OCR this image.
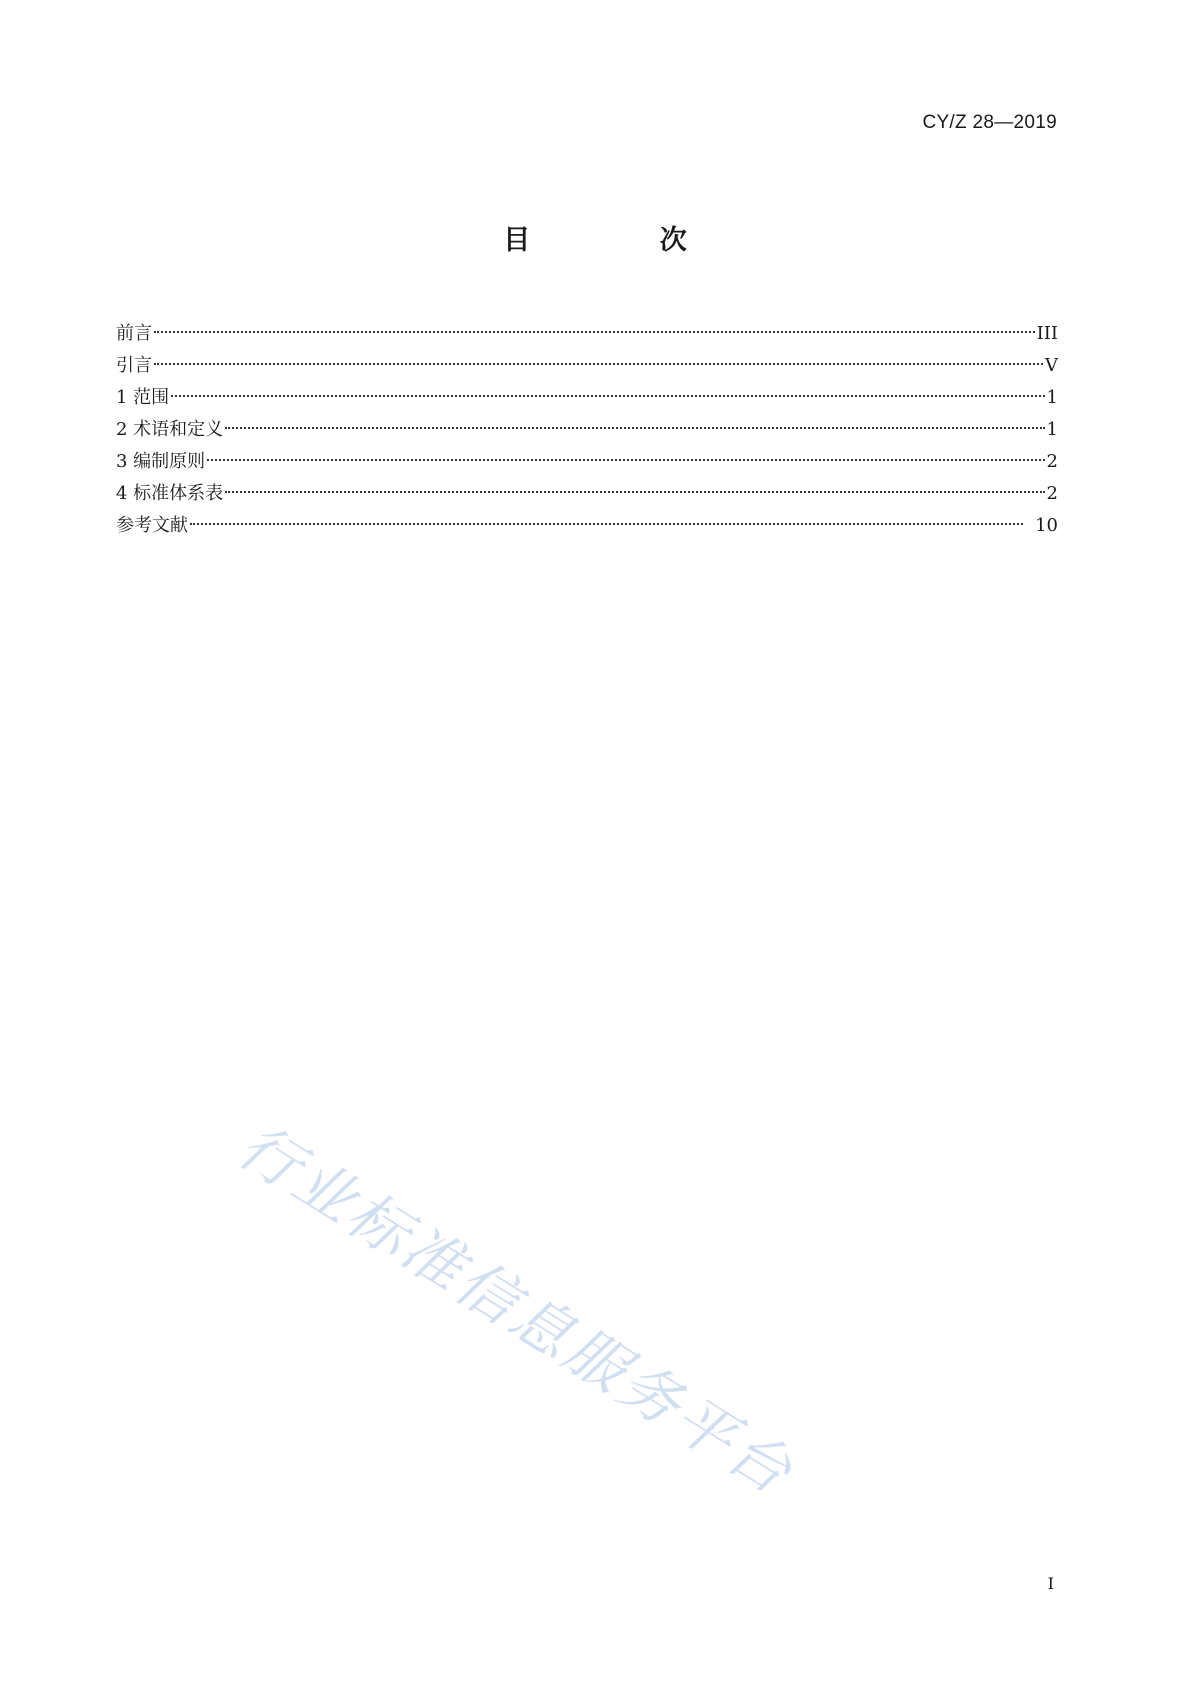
CY/Z 28—2019
目 次
前言	III
引言	V
1 范围	1
2 术语和定义	1
3 编制原则	2
4 标准体系表	2
参考文献	10
行业标准信息服务平台
I
